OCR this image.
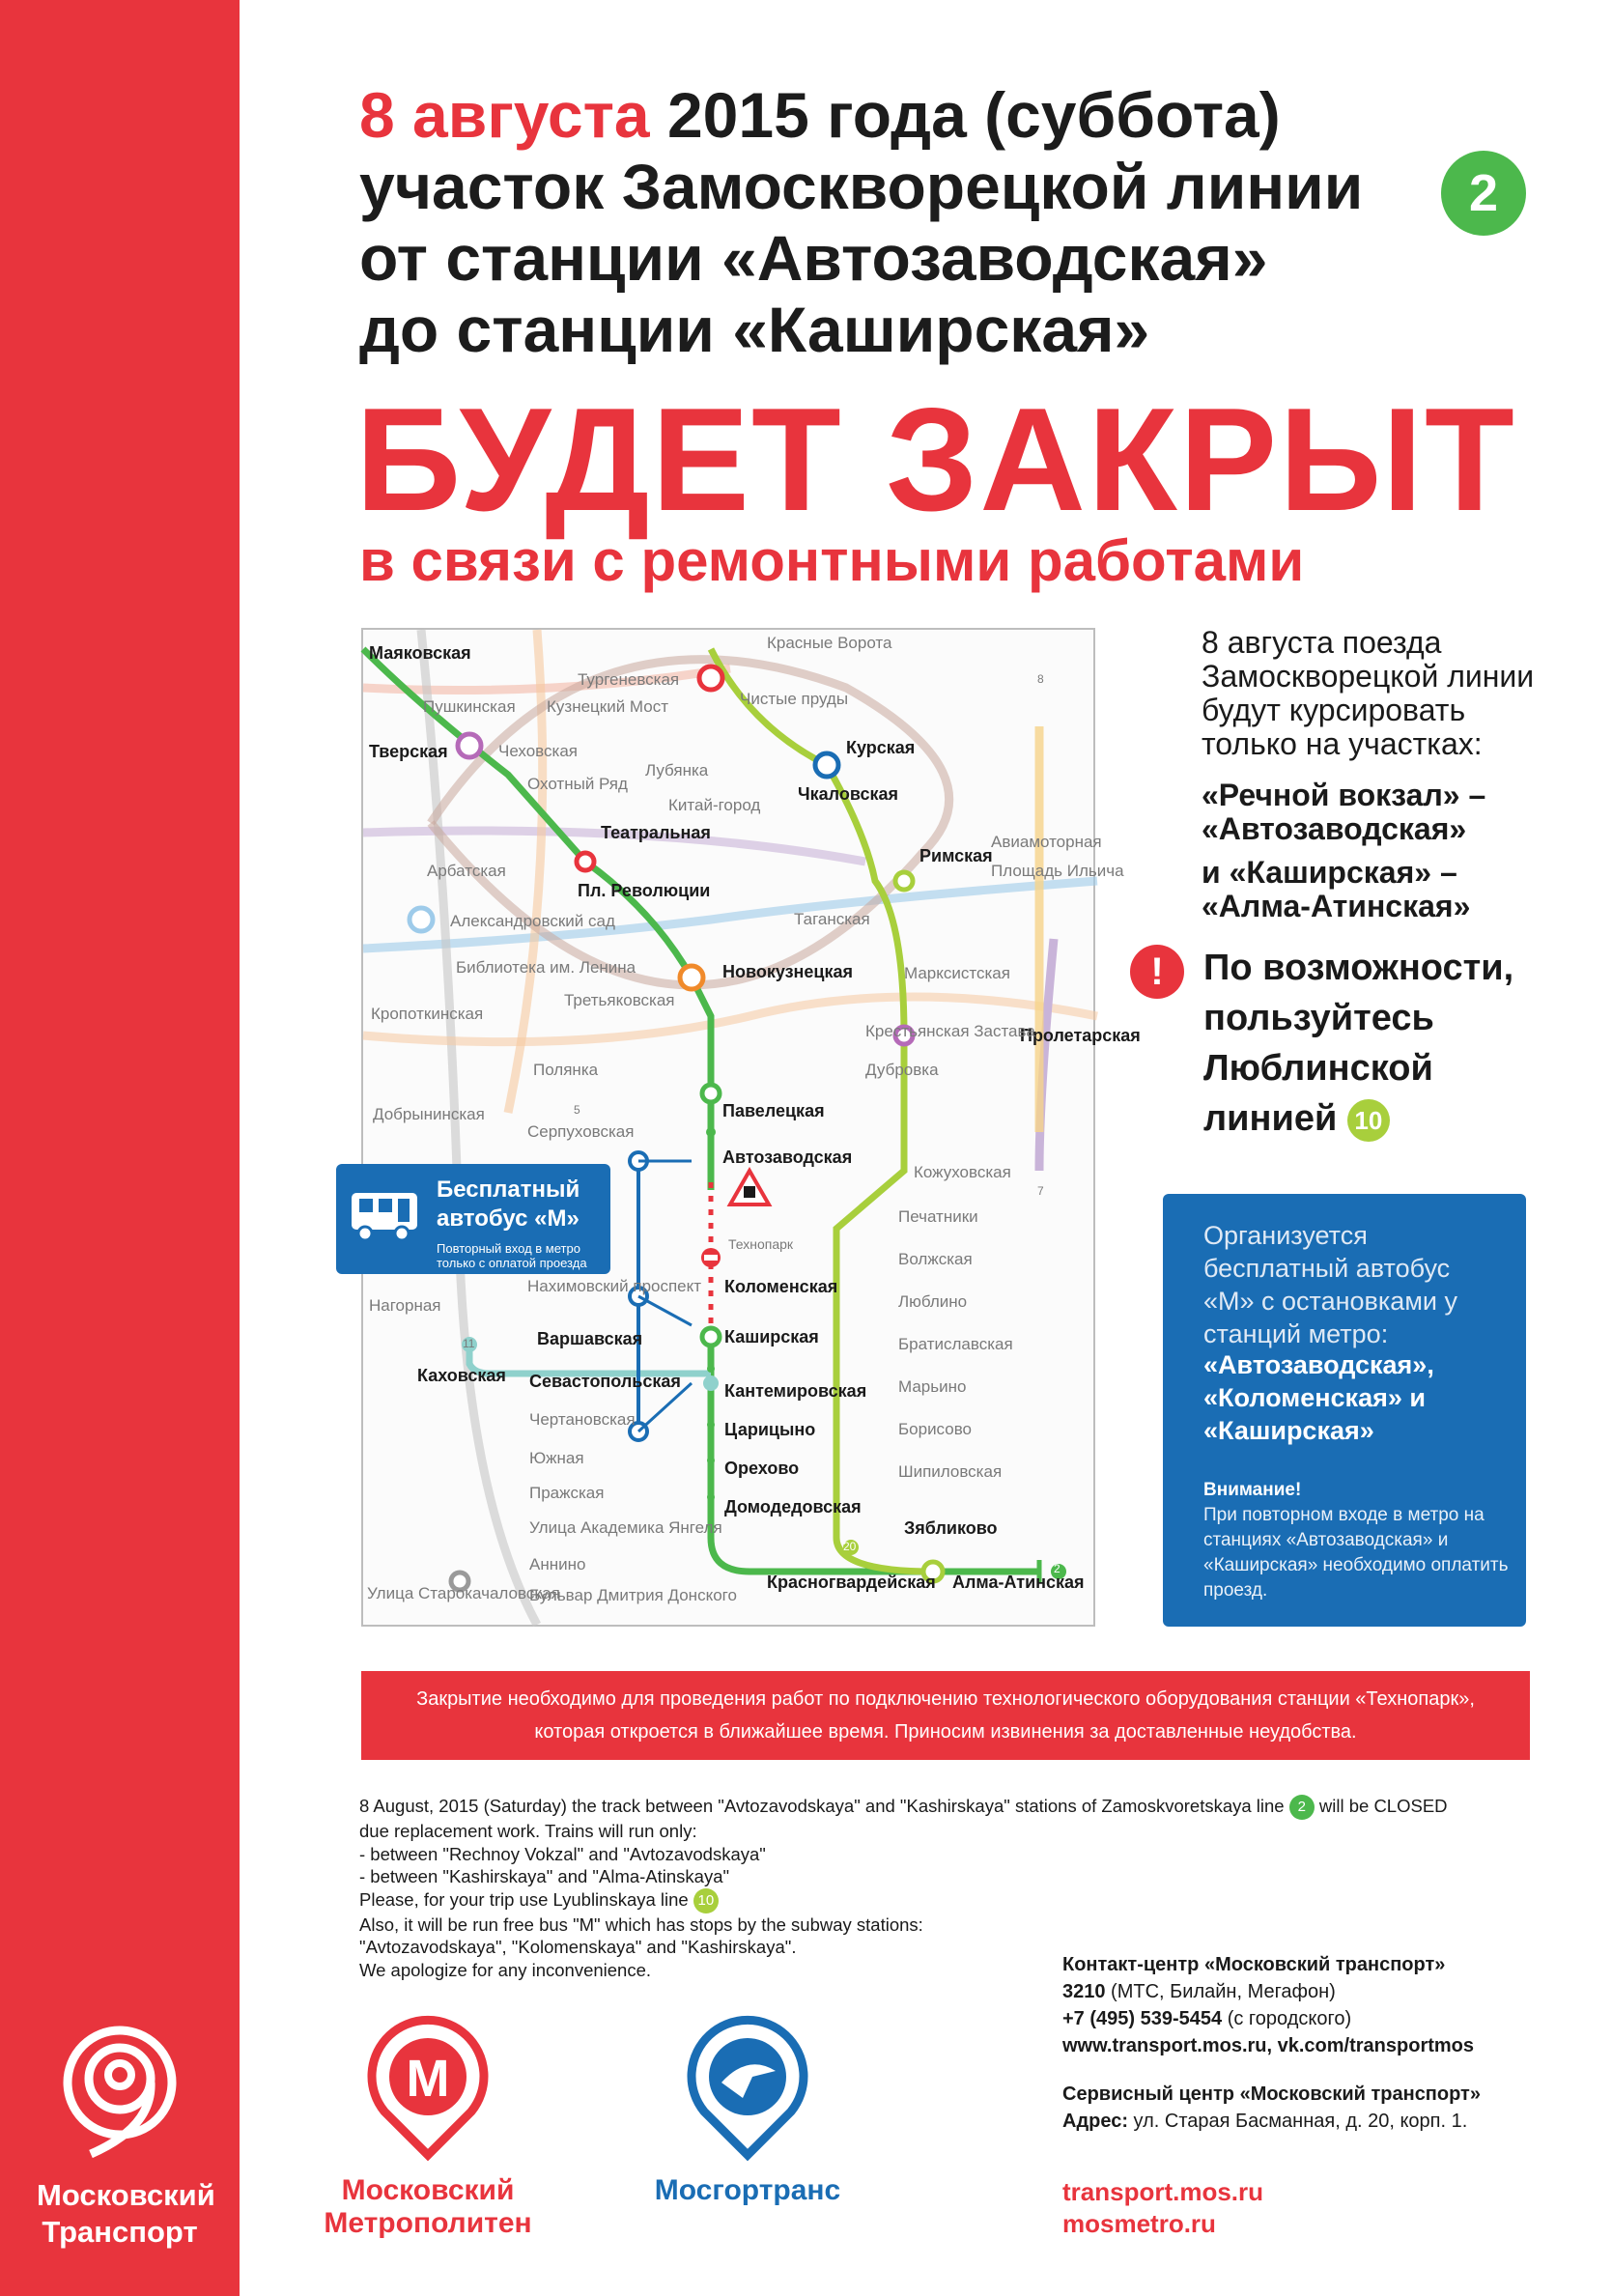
Московский Транспорт
8 августа 2015 года (суббота)
участок Замоскворецкой линии
от станции «Автозаводская»
до станции «Каширская»
2
БУДЕТ ЗАКРЫТ
в связи с ремонтными работами
Маяковская
Тверская
Театральная
Пл. Революции
Новокузнецкая
Павелецкая
Автозаводская
Технопарк
Коломенская
Каширская
Кантемировская
Царицыно
Орехово
Домодедовская
Красногвардейская Алма-Атинская
Зябликово
Курская
Чкаловская
Римская
Пролетарская
Варшавская
Каховская Севастопольская
Тургеневская
Чистые пруды
Красные Ворота
Кузнецкий Мост
Пушкинская
Чеховская
Охотный Ряд
Лубянка
Китай-город
Арбатская
Александровский сад
Библиотека им. Ленина
Кропоткинская
Третьяковская
Таганская
Марксистская
Крестьянская Застава
Дубровка
Полянка
Добрынинская
Серпуховская
Кожуховская
Печатники
Волжская
Люблино
Братиславская
Марьино
Борисово
Шипиловская
Нахимовский проспект
Нагорная
Чертановская
Южная
Пражская
Улица Академика Янгеля
Аннино
Бульвар Дмитрия Донского
Улица Старокачаловская
Площадь Ильича
Авиамоторная
11
2
20
7
8
5
Бесплатный автобус «М»
Повторный вход в метро только с оплатой проезда
8 августа поезда Замоскворецкой линии будут курсировать только на участках:
«Речной вокзал» – «Автозаводская»
и «Каширская» – «Алма-Атинская»
!	По возможности, пользуйтесь Люблинской линией 10
Организуется бесплатный автобус «М» с остановками у станций метро:
«Автозаводская», «Коломенская» и «Каширская»
Внимание!
При повторном входе в метро на станциях «Автозаводская» и «Каширская» необходимо оплатить проезд.
Закрытие необходимо для проведения работ по подключению технологического оборудования станции «Технопарк», которая откроется в ближайшее время. Приносим извинения за доставленные неудобства.
8 August, 2015 (Saturday) the track between "Avtozavodskaya" and "Kashirskaya" stations of Zamoskvoretskaya line 2 will be CLOSED
due replacement work. Trains will run only:
- between "Rechnoy Vokzal" and "Avtozavodskaya"
- between "Kashirskaya" and "Alma-Atinskaya"
Please, for your trip use Lyublinskaya line 10
Also, it will be run free bus "M" which has stops by the subway stations:
"Avtozavodskaya", "Kolomenskaya" and "Kashirskaya".
We apologize for any inconvenience.	Контакт-центр «Московский транспорт»
3210 (МТС, Билайн, Мегафон)
+7 (495) 539-5454 (с городского)
www.transport.mos.ru, vk.com/transportmos
Сервисный центр «Московский транспорт»
Адрес: ул. Старая Басманная, д. 20, корп. 1.
transport.mos.ru
mosmetro.ru
М
Московский Метрополитен
Мосгортранс
